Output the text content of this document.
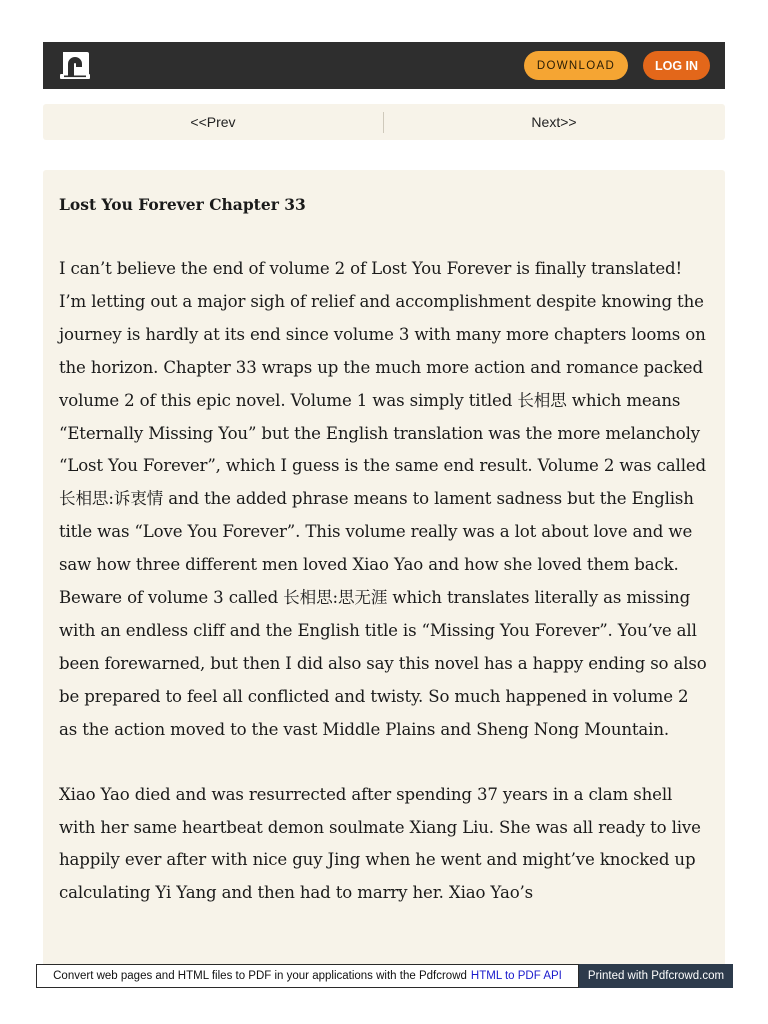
DOWNLOAD	LOG IN
<<Prev	Next>>
Lost You Forever Chapter 33

I can’t believe the end of volume 2 of Lost You Forever is finally translated! I’m letting out a major sigh of relief and accomplishment despite knowing the journey is hardly at its end since volume 3 with many more chapters looms on the horizon. Chapter 33 wraps up the much more action and romance packed volume 2 of this epic novel. Volume 1 was simply titled 长相思 which means “Eternally Missing You” but the English translation was the more melancholy “Lost You Forever”, which I guess is the same end result. Volume 2 was called 长相思:诉衷情 and the added phrase means to lament sadness but the English title was “Love You Forever”. This volume really was a lot about love and we saw how three different men loved Xiao Yao and how she loved them back. Beware of volume 3 called 长相思:思无涯 which translates literally as missing with an endless cliff and the English title is “Missing You Forever”. You’ve all been forewarned, but then I did also say this novel has a happy ending so also be prepared to feel all conflicted and twisty. So much happened in volume 2 as the action moved to the vast Middle Plains and Sheng Nong Mountain.

Xiao Yao died and was resurrected after spending 37 years in a clam shell with her same heartbeat demon soulmate Xiang Liu. She was all ready to live happily ever after with nice guy Jing when he went and might’ve knocked up calculating Yi Yang and then had to marry her. Xiao Yao’s

Convert web pages and HTML files to PDF in your applications with the Pdfcrowd HTML to PDF API	Printed with Pdfcrowd.com
